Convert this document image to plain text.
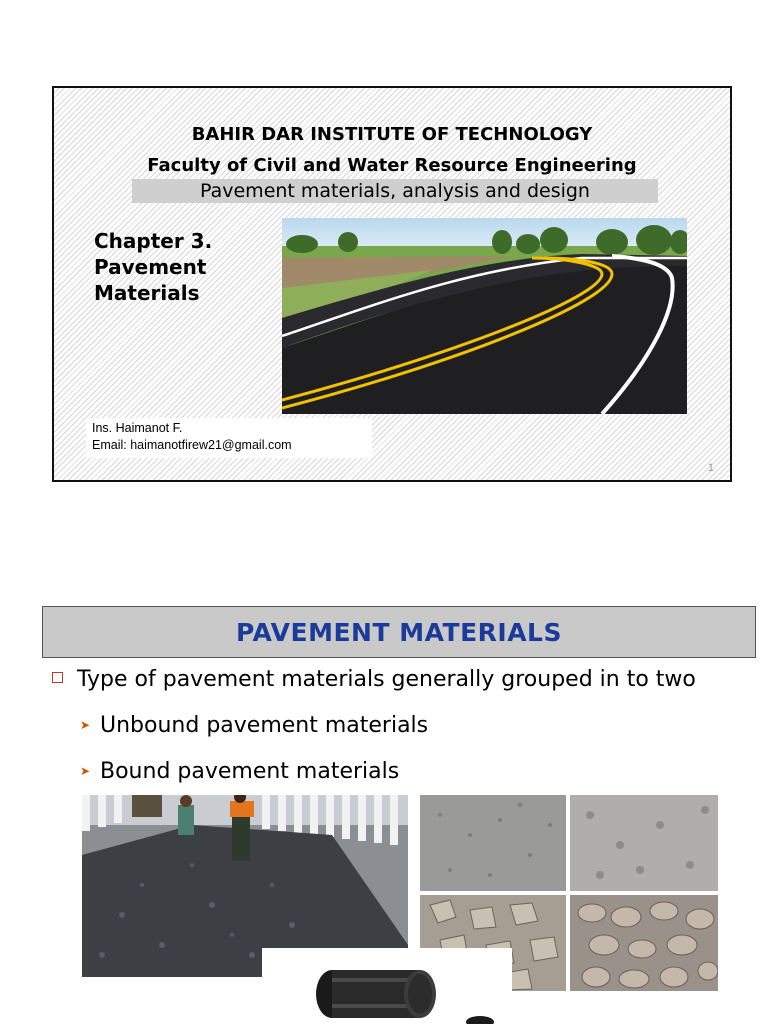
BAHIR DAR INSTITUTE OF TECHNOLOGY
Faculty of Civil and Water Resource Engineering
Pavement materials, analysis and design
Chapter 3.
Pavement
Materials
Ins. Haimanot F.
Email: haimanotfirew21@gmail.com
1
PAVEMENT MATERIALS
Type of pavement materials generally grouped in to two
➤ Unbound pavement materials
➤ Bound pavement materials
